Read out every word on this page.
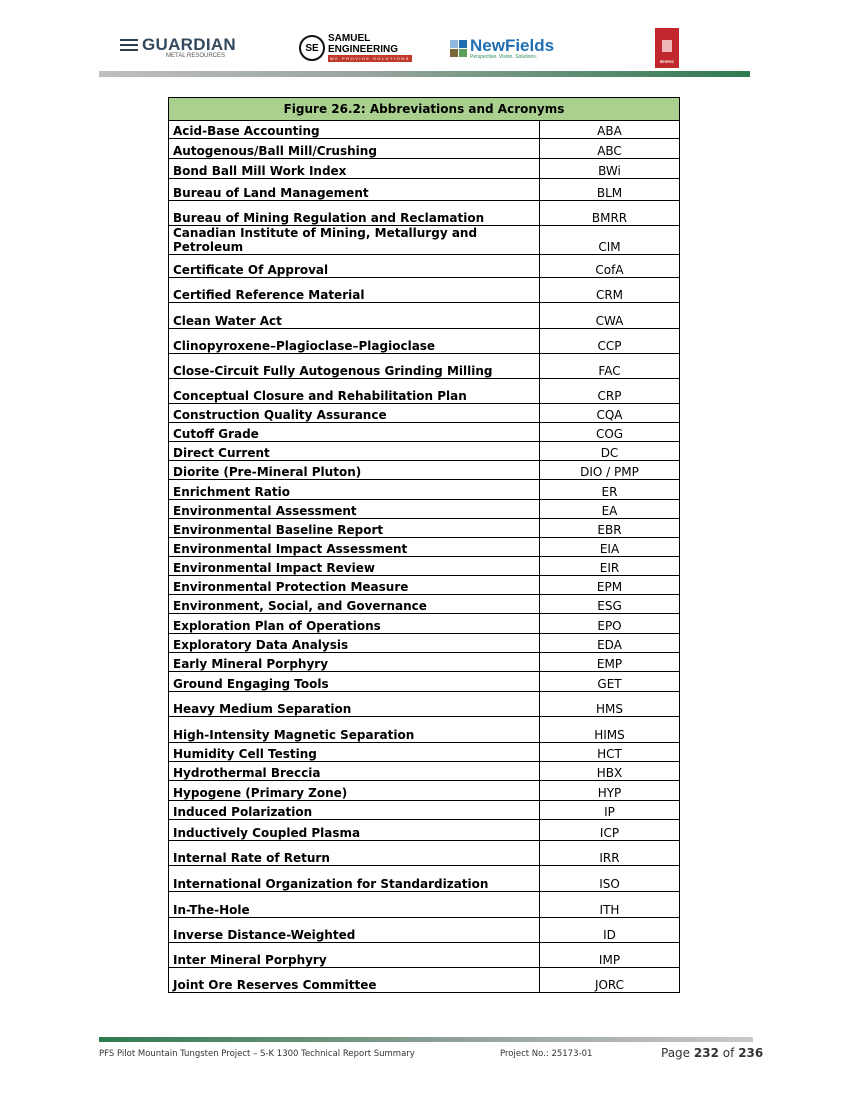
GUARDIAN
METAL RESOURCES
SE
SAMUEL
ENGINEERING
WE PROVIDE SOLUTIONS
NewFields
Perspective. Vision. Solutions.
RESPEC
Figure 26.2: Abbreviations and Acronyms	
Acid-Base Accounting	ABA
Autogenous/Ball Mill/Crushing	ABC
Bond Ball Mill Work Index	BWi
Bureau of Land Management	BLM
Bureau of Mining Regulation and Reclamation	BMRR
Canadian Institute of Mining, Metallurgy and Petroleum	CIM
Certificate Of Approval	CofA
Certified Reference Material	CRM
Clean Water Act	CWA
Clinopyroxene–Plagioclase–Plagioclase	CCP
Close-Circuit Fully Autogenous Grinding Milling	FAC
Conceptual Closure and Rehabilitation Plan	CRP
Construction Quality Assurance	CQA
Cutoff Grade	COG
Direct Current	DC
Diorite (Pre-Mineral Pluton)	DIO / PMP
Enrichment Ratio	ER
Environmental Assessment	EA
Environmental Baseline Report	EBR
Environmental Impact Assessment	EIA
Environmental Impact Review	EIR
Environmental Protection Measure	EPM
Environment, Social, and Governance	ESG
Exploration Plan of Operations	EPO
Exploratory Data Analysis	EDA
Early Mineral Porphyry	EMP
Ground Engaging Tools	GET
Heavy Medium Separation	HMS
High-Intensity Magnetic Separation	HIMS
Humidity Cell Testing	HCT
Hydrothermal Breccia	HBX
Hypogene (Primary Zone)	HYP
Induced Polarization	IP
Inductively Coupled Plasma	ICP
Internal Rate of Return	IRR
International Organization for Standardization	ISO
In-The-Hole	ITH
Inverse Distance-Weighted	ID
Inter Mineral Porphyry	IMP
Joint Ore Reserves Committee	JORC
PFS Pilot Mountain Tungsten Project – S-K 1300 Technical Report Summary	Project No.: 25173-01	Page 232 of 236
